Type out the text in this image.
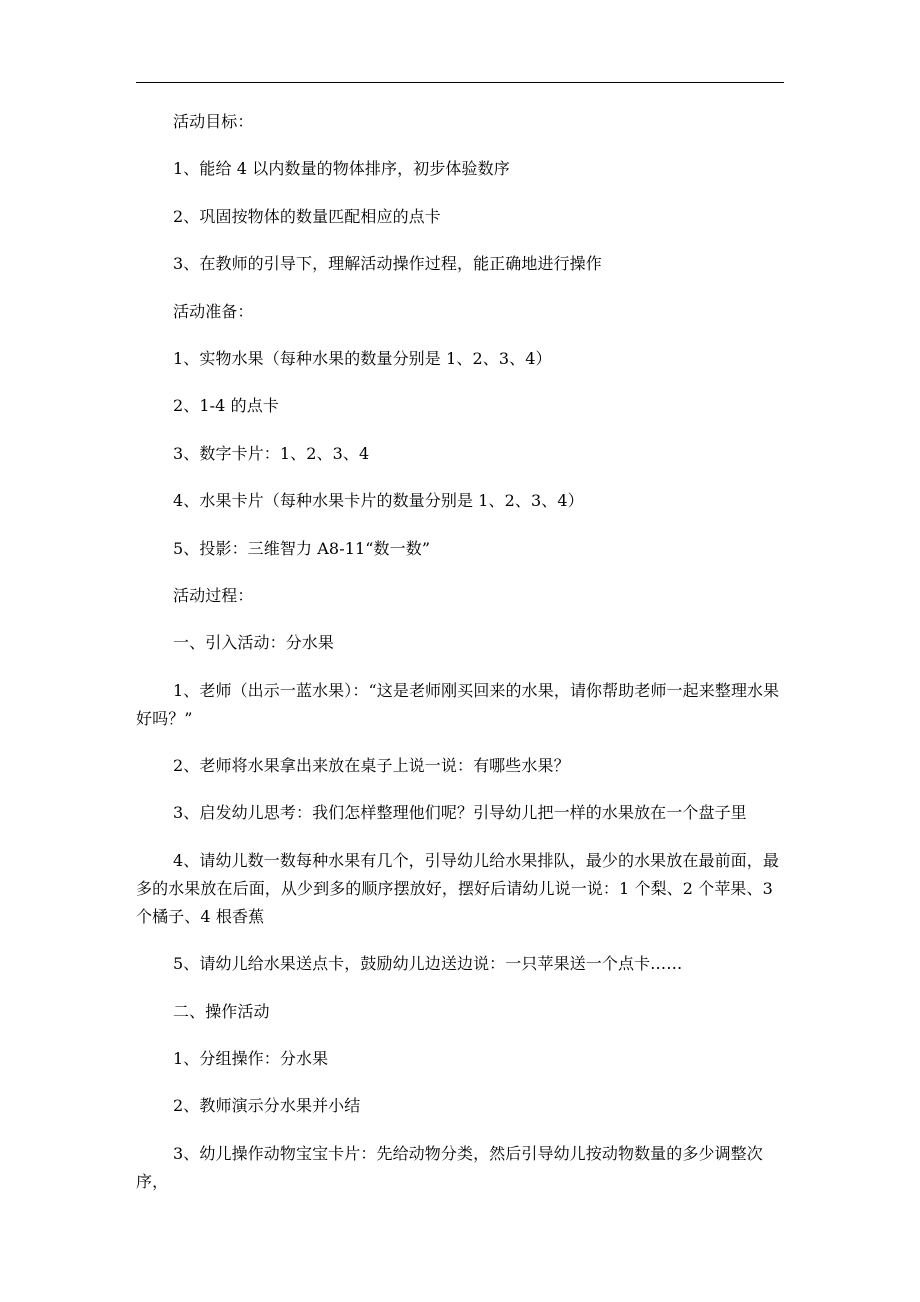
活动目标：

1、能给 4 以内数量的物体排序，初步体验数序

2、巩固按物体的数量匹配相应的点卡

3、在教师的引导下，理解活动操作过程，能正确地进行操作

活动准备：

1、实物水果（每种水果的数量分别是 1、2、3、4）

2、1-4 的点卡

3、数字卡片：1、2、3、4

4、水果卡片（每种水果卡片的数量分别是 1、2、3、4）

5、投影：三维智力 A8-11“数一数”

活动过程：

一、引入活动：分水果

1、老师（出示一蓝水果）：“这是老师刚买回来的水果，请你帮助老师一起来整理水果好吗？”

2、老师将水果拿出来放在桌子上说一说：有哪些水果？

3、启发幼儿思考：我们怎样整理他们呢？引导幼儿把一样的水果放在一个盘子里

4、请幼儿数一数每种水果有几个，引导幼儿给水果排队，最少的水果放在最前面，最多的水果放在后面，从少到多的顺序摆放好，摆好后请幼儿说一说：1 个梨、2 个苹果、3 个橘子、4 根香蕉

5、请幼儿给水果送点卡，鼓励幼儿边送边说：一只苹果送一个点卡……

二、操作活动

1、分组操作：分水果

2、教师演示分水果并小结

3、幼儿操作动物宝宝卡片：先给动物分类，然后引导幼儿按动物数量的多少调整次序，
